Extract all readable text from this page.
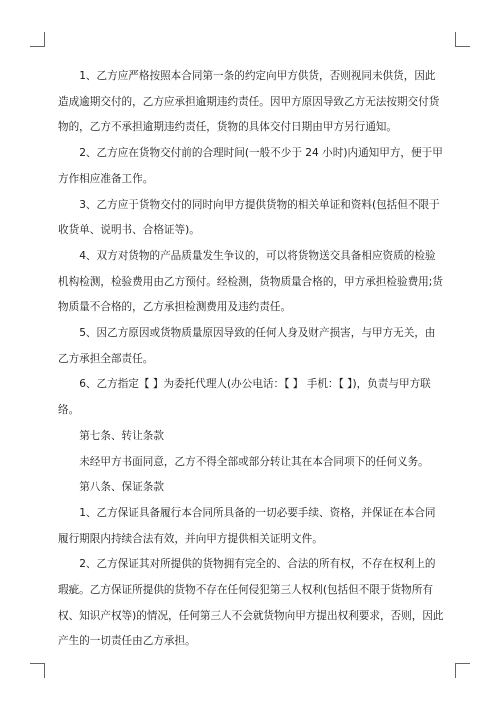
1、乙方应严格按照本合同第一条的约定向甲方供货，否则视同未供货，因此造成逾期交付的，乙方应承担逾期违约责任。因甲方原因导致乙方无法按期交付货物的，乙方不承担逾期违约责任，货物的具体交付日期由甲方另行通知。

2、乙方应在货物交付前的合理时间(一般不少于 24 小时)内通知甲方，便于甲方作相应准备工作。

3、乙方应于货物交付的同时向甲方提供货物的相关单证和资料(包括但不限于收货单、说明书、合格证等)。

4、双方对货物的产品质量发生争议的，可以将货物送交具备相应资质的检验机构检测，检验费用由乙方预付。经检测，货物质量合格的，甲方承担检验费用;货物质量不合格的，乙方承担检测费用及违约责任。

5、因乙方原因或货物质量原因导致的任何人身及财产损害，与甲方无关，由乙方承担全部责任。

6、乙方指定【 】为委托代理人(办公电话：【 】 手机：【 】)，负责与甲方联络。

第七条、转让条款

未经甲方书面同意，乙方不得全部或部分转让其在本合同项下的任何义务。

第八条、保证条款

1、乙方保证具备履行本合同所具备的一切必要手续、资格，并保证在本合同履行期限内持续合法有效，并向甲方提供相关证明文件。

2、乙方保证其对所提供的货物拥有完全的、合法的所有权，不存在权利上的瑕疵。乙方保证所提供的货物不存在任何侵犯第三人权利(包括但不限于货物所有权、知识产权等)的情况，任何第三人不会就货物向甲方提出权利要求，否则，因此产生的一切责任由乙方承担。
